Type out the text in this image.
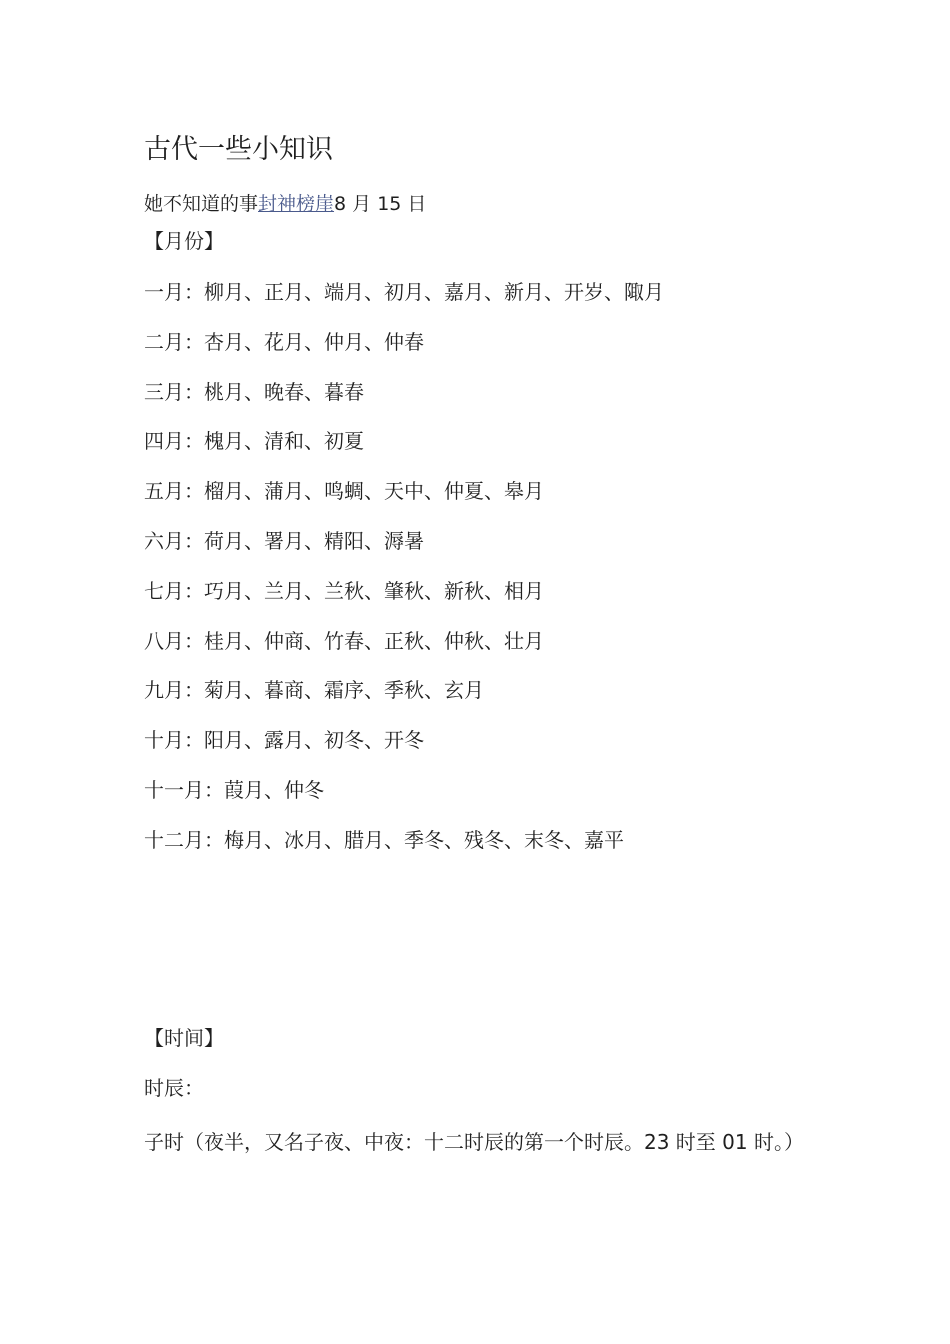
古代一些小知识
她不知道的事封神榜崖8 月 15 日
【月份】
一月：柳月、正月、端月、初月、嘉月、新月、开岁、陬月
二月：杏月、花月、仲月、仲春
三月：桃月、晚春、暮春
四月：槐月、清和、初夏
五月：榴月、蒲月、鸣蜩、天中、仲夏、皋月
六月：荷月、署月、精阳、溽暑
七月：巧月、兰月、兰秋、肇秋、新秋、相月
八月：桂月、仲商、竹春、正秋、仲秋、壮月
九月：菊月、暮商、霜序、季秋、玄月
十月：阳月、露月、初冬、开冬
十一月：葭月、仲冬
十二月：梅月、冰月、腊月、季冬、残冬、末冬、嘉平
【时间】
时辰：

子时（夜半，又名子夜、中夜：十二时辰的第一个时辰。23 时至 01 时。）
